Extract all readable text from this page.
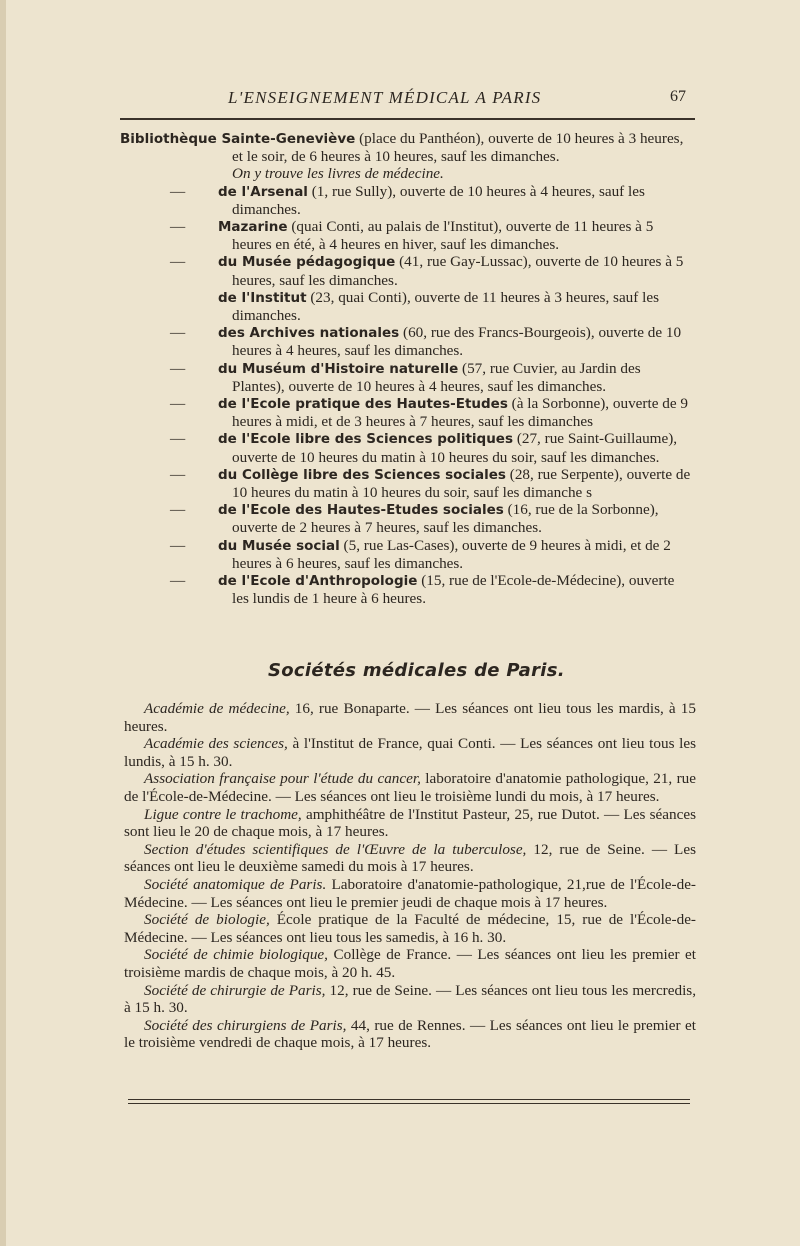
L'ENSEIGNEMENT MÉDICAL A PARIS	67
Bibliothèque Sainte-Geneviève (place du Panthéon), ouverte de 10 heures à 3 heures, et le soir, de 6 heures à 10 heures, sauf les dimanches.
On y trouve les livres de médecine.
— de l'Arsenal (1, rue Sully), ouverte de 10 heures à 4 heures, sauf les dimanches.
— Mazarine (quai Conti, au palais de l'Institut), ouverte de 11 heures à 5 heures en été, à 4 heures en hiver, sauf les dimanches.
— du Musée pédagogique (41, rue Gay-Lussac), ouverte de 10 heures à 5 heures, sauf les dimanches.
de l'Institut (23, quai Conti), ouverte de 11 heures à 3 heures, sauf les dimanches.
— des Archives nationales (60, rue des Francs-Bourgeois), ouverte de 10 heures à 4 heures, sauf les dimanches.
— du Muséum d'Histoire naturelle (57, rue Cuvier, au Jardin des Plantes), ouverte de 10 heures à 4 heures, sauf les dimanches.
— de l'Ecole pratique des Hautes-Etudes (à la Sorbonne), ouverte de 9 heures à midi, et de 3 heures à 7 heures, sauf les dimanches
— de l'Ecole libre des Sciences politiques (27, rue Saint-Guillaume), ouverte de 10 heures du matin à 10 heures du soir, sauf les dimanches.
— du Collège libre des Sciences sociales (28, rue Serpente), ouverte de 10 heures du matin à 10 heures du soir, sauf les dimanche s
— de l'Ecole des Hautes-Etudes sociales (16, rue de la Sorbonne), ouverte de 2 heures à 7 heures, sauf les dimanches.
— du Musée social (5, rue Las-Cases), ouverte de 9 heures à midi, et de 2 heures à 6 heures, sauf les dimanches.
— de l'Ecole d'Anthropologie (15, rue de l'Ecole-de-Médecine), ouverte les lundis de 1 heure à 6 heures.
Sociétés médicales de Paris.

Académie de médecine, 16, rue Bonaparte. — Les séances ont lieu tous les mardis, à 15 heures.

Académie des sciences, à l'Institut de France, quai Conti. — Les séances ont lieu tous les lundis, à 15 h. 30.

Association française pour l'étude du cancer, laboratoire d'anatomie pathologique, 21, rue de l'École-de-Médecine. — Les séances ont lieu le troisième lundi du mois, à 17 heures.

Ligue contre le trachome, amphithéâtre de l'Institut Pasteur, 25, rue Dutot. — Les séances sont lieu le 20 de chaque mois, à 17 heures.

Section d'études scientifiques de l'Œuvre de la tuberculose, 12, rue de Seine. — Les séances ont lieu le deuxième samedi du mois à 17 heures.

Société anatomique de Paris. Laboratoire d'anatomie-pathologique, 21,rue de l'École-de-Médecine. — Les séances ont lieu le premier jeudi de chaque mois à 17 heures.

Société de biologie, École pratique de la Faculté de médecine, 15, rue de l'École-de-Médecine. — Les séances ont lieu tous les samedis, à 16 h. 30.

Société de chimie biologique, Collège de France. — Les séances ont lieu les premier et troisième mardis de chaque mois, à 20 h. 45.

Société de chirurgie de Paris, 12, rue de Seine. — Les séances ont lieu tous les mercredis, à 15 h. 30.

Société des chirurgiens de Paris, 44, rue de Rennes. — Les séances ont lieu le premier et le troisième vendredi de chaque mois, à 17 heures.
